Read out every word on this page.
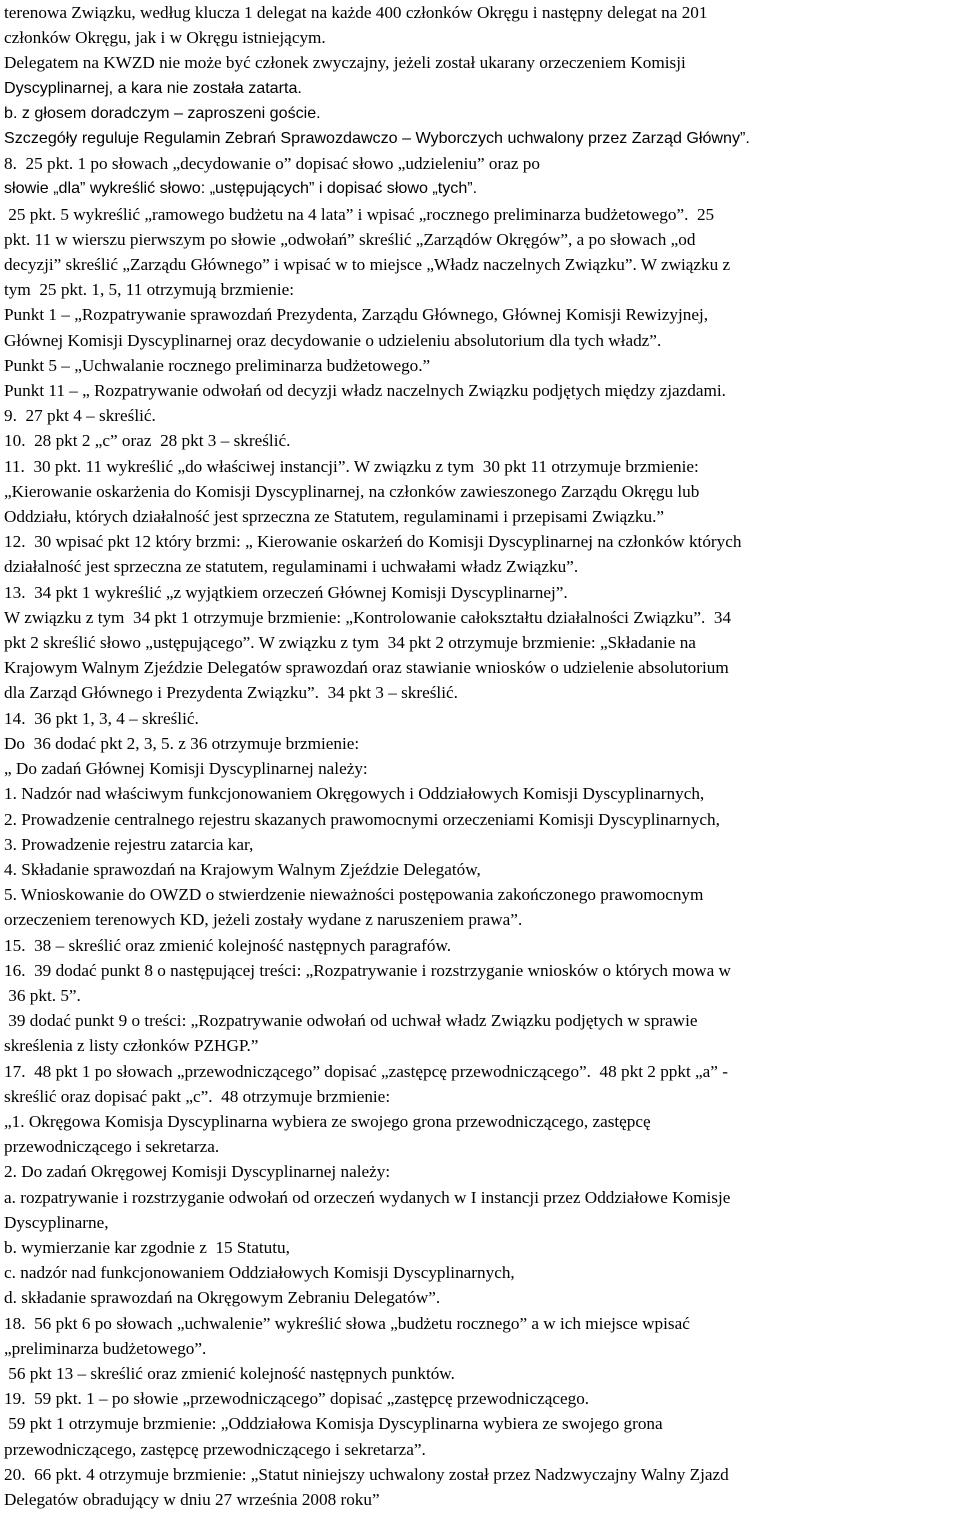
terenowa Związku, według klucza 1 delegat na każde 400 członków Okręgu i następny delegat na 201

członków Okręgu, jak i w Okręgu istniejącym.

Delegatem na KWZD nie może być członek zwyczajny, jeżeli został ukarany orzeczeniem Komisji

Dyscyplinarnej, a kara nie została zatarta.

b. z głosem doradczym – zaproszeni goście.

Szczegóły reguluje Regulamin Zebrań Sprawozdawczo – Wyborczych uchwalony przez Zarząd Główny”.

8.  25 pkt. 1 po słowach „decydowanie o” dopisać słowo „udzieleniu” oraz po

słowie „dla” wykreślić słowo: „ustępujących” i dopisać słowo „tych”.

25 pkt. 5 wykreślić „ramowego budżetu na 4 lata” i wpisać „rocznego preliminarza budżetowego”.  25

pkt. 11 w wierszu pierwszym po słowie „odwołań” skreślić „Zarządów Okręgów”, a po słowach „od

decyzji” skreślić „Zarządu Głównego” i wpisać w to miejsce „Władz naczelnych Związku”. W związku z

tym  25 pkt. 1, 5, 11 otrzymują brzmienie:

Punkt 1 – „Rozpatrywanie sprawozdań Prezydenta, Zarządu Głównego, Głównej Komisji Rewizyjnej,

Głównej Komisji Dyscyplinarnej oraz decydowanie o udzieleniu absolutorium dla tych władz”.

Punkt 5 – „Uchwalanie rocznego preliminarza budżetowego.”

Punkt 11 – „ Rozpatrywanie odwołań od decyzji władz naczelnych Związku podjętych między zjazdami.

9.  27 pkt 4 – skreślić.

10.  28 pkt 2 „c” oraz  28 pkt 3 – skreślić.

11.  30 pkt. 11 wykreślić „do właściwej instancji”. W związku z tym  30 pkt 11 otrzymuje brzmienie:

„Kierowanie oskarżenia do Komisji Dyscyplinarnej, na członków zawieszonego Zarządu Okręgu lub

Oddziału, których działalność jest sprzeczna ze Statutem, regulaminami i przepisami Związku.”

12.  30 wpisać pkt 12 który brzmi: „ Kierowanie oskarżeń do Komisji Dyscyplinarnej na członków których

działalność jest sprzeczna ze statutem, regulaminami i uchwałami władz Związku”.

13.  34 pkt 1 wykreślić „z wyjątkiem orzeczeń Głównej Komisji Dyscyplinarnej”.

W związku z tym  34 pkt 1 otrzymuje brzmienie: „Kontrolowanie całokształtu działalności Związku”.  34

pkt 2 skreślić słowo „ustępującego”. W związku z tym  34 pkt 2 otrzymuje brzmienie: „Składanie na

Krajowym Walnym Zjeździe Delegatów sprawozdań oraz stawianie wniosków o udzielenie absolutorium

dla Zarząd Głównego i Prezydenta Związku”.  34 pkt 3 – skreślić.

14.  36 pkt 1, 3, 4 – skreślić.

Do  36 dodać pkt 2, 3, 5. z 36 otrzymuje brzmienie:

„ Do zadań Głównej Komisji Dyscyplinarnej należy:

1. Nadzór nad właściwym funkcjonowaniem Okręgowych i Oddziałowych Komisji Dyscyplinarnych,

2. Prowadzenie centralnego rejestru skazanych prawomocnymi orzeczeniami Komisji Dyscyplinarnych,

3. Prowadzenie rejestru zatarcia kar,

4. Składanie sprawozdań na Krajowym Walnym Zjeździe Delegatów,

5. Wnioskowanie do OWZD o stwierdzenie nieważności postępowania zakończonego prawomocnym

orzeczeniem terenowych KD, jeżeli zostały wydane z naruszeniem prawa”.

15.  38 – skreślić oraz zmienić kolejność następnych paragrafów.

16.  39 dodać punkt 8 o następującej treści: „Rozpatrywanie i rozstrzyganie wniosków o których mowa w

36 pkt. 5”.

39 dodać punkt 9 o treści: „Rozpatrywanie odwołań od uchwał władz Związku podjętych w sprawie

skreślenia z listy członków PZHGP.”

17.  48 pkt 1 po słowach „przewodniczącego” dopisać „zastępcę przewodniczącego”.  48 pkt 2 ppkt „a” -

skreślić oraz dopisać pakt „c”.  48 otrzymuje brzmienie:

„1. Okręgowa Komisja Dyscyplinarna wybiera ze swojego grona przewodniczącego, zastępcę

przewodniczącego i sekretarza.

2. Do zadań Okręgowej Komisji Dyscyplinarnej należy:

a. rozpatrywanie i rozstrzyganie odwołań od orzeczeń wydanych w I instancji przez Oddziałowe Komisje

Dyscyplinarne,

b. wymierzanie kar zgodnie z  15 Statutu,

c. nadzór nad funkcjonowaniem Oddziałowych Komisji Dyscyplinarnych,

d. składanie sprawozdań na Okręgowym Zebraniu Delegatów”.

18.  56 pkt 6 po słowach „uchwalenie” wykreślić słowa „budżetu rocznego” a w ich miejsce wpisać

„preliminarza budżetowego”.

56 pkt 13 – skreślić oraz zmienić kolejność następnych punktów.

19.  59 pkt. 1 – po słowie „przewodniczącego” dopisać „zastępcę przewodniczącego.

59 pkt 1 otrzymuje brzmienie: „Oddziałowa Komisja Dyscyplinarna wybiera ze swojego grona

przewodniczącego, zastępcę przewodniczącego i sekretarza”.

20.  66 pkt. 4 otrzymuje brzmienie: „Statut niniejszy uchwalony został przez Nadzwyczajny Walny Zjazd

Delegatów obradujący w dniu 27 września 2008 roku”
